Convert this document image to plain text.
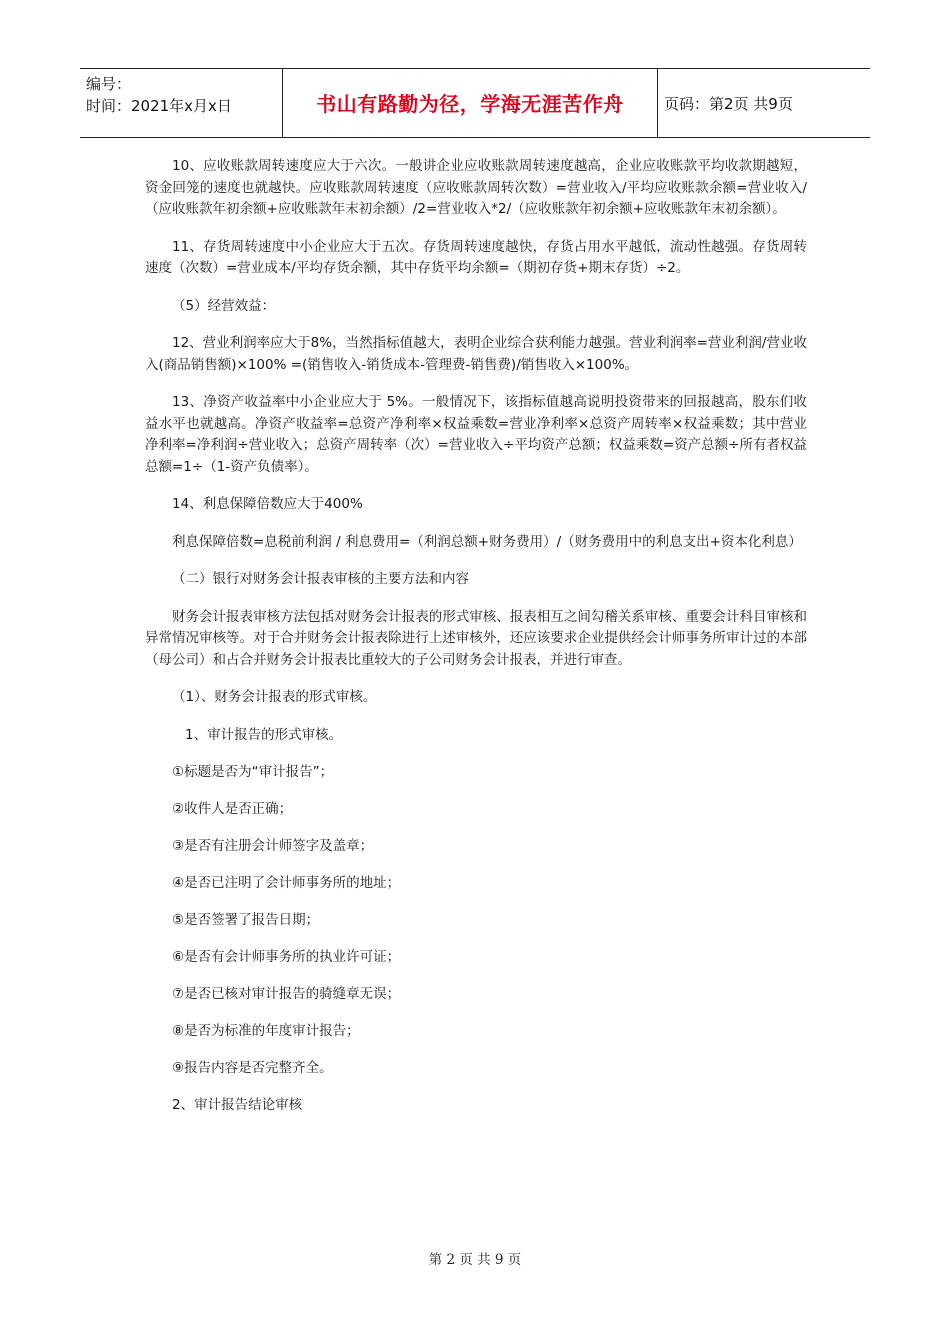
编号：
时间：2021年x月x日	书山有路勤为径，学海无涯苦作舟	页码：第2页 共9页

10、应收账款周转速度应大于六次。一般讲企业应收账款周转速度越高，企业应收账款平均收款期越短，资金回笼的速度也就越快。应收账款周转速度（应收账款周转次数）=营业收入/平均应收账款余额=营业收入/（应收账款年初余额+应收账款年末初余额）/2=营业收入*2/（应收账款年初余额+应收账款年末初余额）。

11、存货周转速度中小企业应大于五次。存货周转速度越快，存货占用水平越低，流动性越强。存货周转速度（次数）=营业成本/平均存货余额，其中存货平均余额=（期初存货+期末存货）÷2。

（5）经营效益：

12、营业利润率应大于8%，当然指标值越大，表明企业综合获利能力越强。营业利润率=营业利润/营业收入(商品销售额)×100% =(销售收入-销货成本-管理费-销售费)/销售收入×100%。

13、净资产收益率中小企业应大于 5%。一般情况下，该指标值越高说明投资带来的回报越高，股东们收益水平也就越高。净资产收益率=总资产净利率×权益乘数=营业净利率×总资产周转率×权益乘数；其中营业净利率=净利润÷营业收入；总资产周转率（次）=营业收入÷平均资产总额；权益乘数=资产总额÷所有者权益总额=1÷（1-资产负债率）。

14、利息保障倍数应大于400%

利息保障倍数=息税前利润 / 利息费用=（利润总额+财务费用）/（财务费用中的利息支出+资本化利息）

（二）银行对财务会计报表审核的主要方法和内容

财务会计报表审核方法包括对财务会计报表的形式审核、报表相互之间勾稽关系审核、重要会计科目审核和异常情况审核等。对于合并财务会计报表除进行上述审核外，还应该要求企业提供经会计师事务所审计过的本部（母公司）和占合并财务会计报表比重较大的子公司财务会计报表，并进行审查。

（1）、财务会计报表的形式审核。

1、审计报告的形式审核。

①标题是否为“审计报告”；

②收件人是否正确；

③是否有注册会计师签字及盖章；

④是否已注明了会计师事务所的地址；

⑤是否签署了报告日期；

⑥是否有会计师事务所的执业许可证；

⑦是否已核对审计报告的骑缝章无误；

⑧是否为标准的年度审计报告；

⑨报告内容是否完整齐全。

2、审计报告结论审核

第 2 页 共 9 页
